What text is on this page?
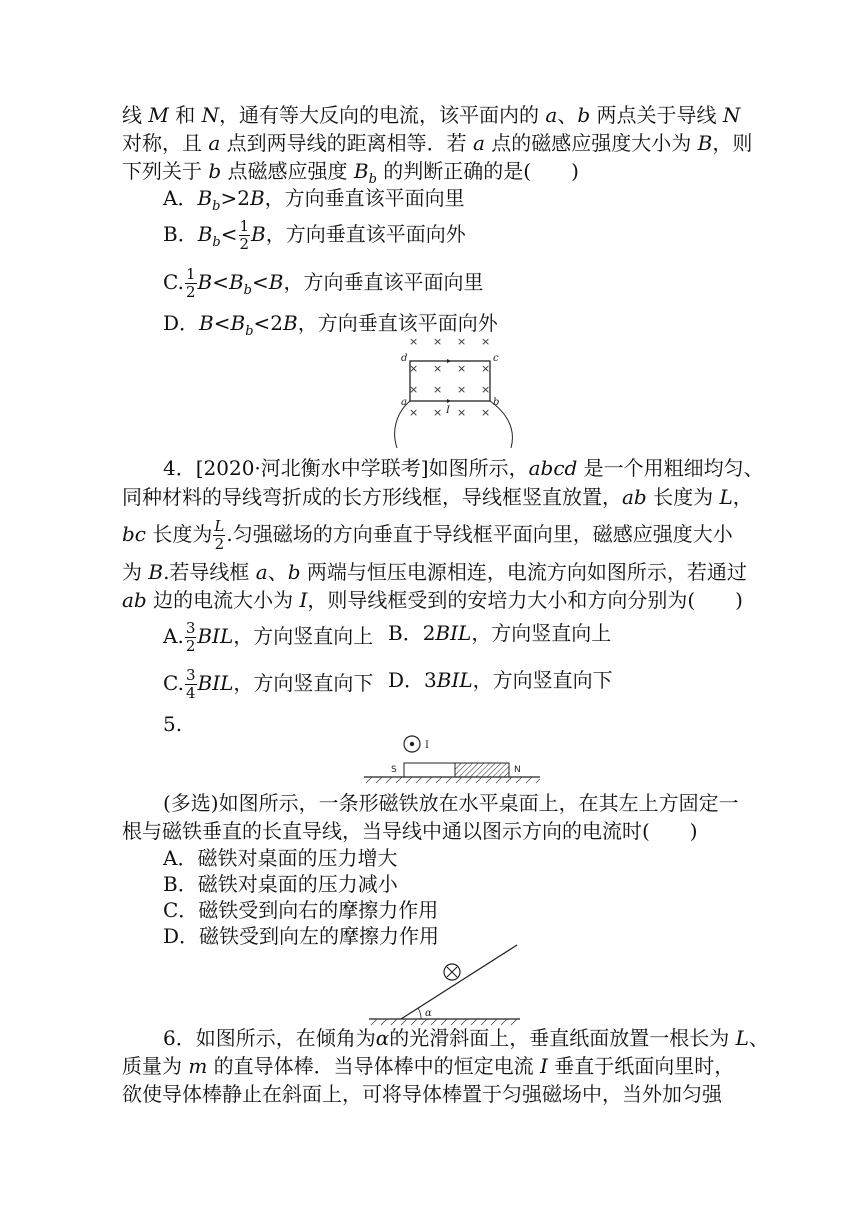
线 M 和 N，通有等大反向的电流，该平面内的 a、b 两点关于导线 N
对称，且 a 点到两导线的距离相等．若 a 点的磁感应强度大小为 B，则
下列关于 b 点磁感应强度 $B_b$ 的判断正确的是(　　)
A．$B_b>2B$，方向垂直该平面向里
B．$B_b< \frac{1}{2}$ B，方向垂直该平面向外
C. $\frac{1}{2} B<B_b<B$，方向垂直该平面向里
D．$B<B_b<2B$，方向垂直该平面向外
× × × ×
× × × ×
× × × ×
× × × ×
d	c
a	b
I
4．[2020·河北衡水中学联考]如图所示，abcd 是一个用粗细均匀、
同种材料的导线弯折成的长方形线框，导线框竖直放置，ab 长度为 L，
bc 长度为 $\frac{L}{2}$ .匀强磁场的方向垂直于导线框平面向里，磁感应强度大小
为 B.若导线框 a、b 两端与恒压电源相连，电流方向如图所示，若通过
ab 边的电流大小为 I，则导线框受到的安培力大小和方向分别为(　　)
A. $\frac{3}{2}$ BIL，方向竖直向上 B．2BIL，方向竖直向上
C. $\frac{3}{4}$ BIL，方向竖直向下 D．3BIL，方向竖直向下
5.
I
S	N
(多选)如图所示，一条形磁铁放在水平桌面上，在其左上方固定一
根与磁铁垂直的长直导线，当导线中通以图示方向的电流时(　　)
A．磁铁对桌面的压力增大
B．磁铁对桌面的压力减小
C．磁铁受到向右的摩擦力作用
D．磁铁受到向左的摩擦力作用
α
6．如图所示，在倾角为α的光滑斜面上，垂直纸面放置一根长为 L、
质量为 m 的直导体棒．当导体棒中的恒定电流 I 垂直于纸面向里时，
欲使导体棒静止在斜面上，可将导体棒置于匀强磁场中，当外加匀强
